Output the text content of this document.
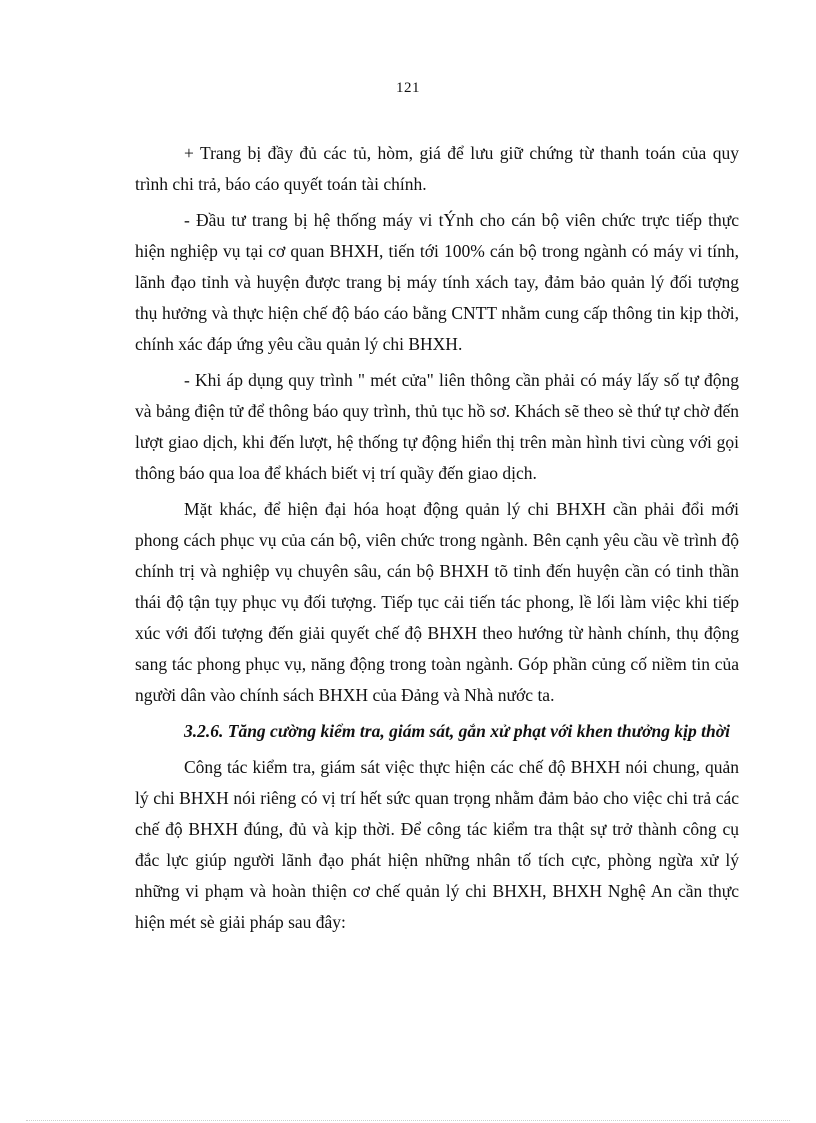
121

+ Trang bị đầy đủ các tủ, hòm, giá để lưu giữ chứng từ thanh toán của quy trình chi trả, báo cáo quyết toán tài chính.

- Đầu tư trang bị hệ thống máy vi tÝnh cho cán bộ viên chức trực tiếp thực hiện nghiệp vụ tại cơ quan BHXH, tiến tới 100% cán bộ trong ngành có máy vi tính, lãnh đạo tỉnh và huyện được trang bị máy tính xách tay, đảm bảo quản lý đối tượng thụ hưởng và thực hiện chế độ báo cáo bằng CNTT nhằm cung cấp thông tin kịp thời, chính xác đáp ứng yêu cầu quản lý chi BHXH.

- Khi áp dụng quy trình " mét cửa" liên thông cần phải có máy lấy số tự động và bảng điện tử để thông báo quy trình, thủ tục hồ sơ. Khách sẽ theo sè thứ tự chờ đến lượt giao dịch, khi đến lượt, hệ thống tự động hiển thị trên màn hình tivi cùng với gọi thông báo qua loa để khách biết vị trí quầy đến giao dịch.

Mặt khác, để hiện đại hóa hoạt động quản lý chi BHXH cần phải đổi mới phong cách phục vụ của cán bộ, viên chức trong ngành. Bên cạnh yêu cầu về trình độ chính trị và nghiệp vụ chuyên sâu, cán bộ BHXH tõ tỉnh đến huyện cần có tinh thần thái độ tận tụy phục vụ đối tượng. Tiếp tục cải tiến tác phong, lề lối làm việc khi tiếp xúc với đối tượng đến giải quyết chế độ BHXH theo hướng từ hành chính, thụ động sang tác phong phục vụ, năng động trong toàn ngành. Góp phần củng cố niềm tin của người dân vào chính sách BHXH của Đảng và Nhà nước ta.

3.2.6. Tăng cường kiểm tra, giám sát, gắn xử phạt với khen thưởng kịp thời

Công tác kiểm tra, giám sát việc thực hiện các chế độ BHXH nói chung, quản lý chi BHXH nói riêng có vị trí hết sức quan trọng nhằm đảm bảo cho việc chi trả các chế độ BHXH đúng, đủ và kịp thời. Để công tác kiểm tra thật sự trở thành công cụ đắc lực giúp người lãnh đạo phát hiện những nhân tố tích cực, phòng ngừa xử lý những vi phạm và hoàn thiện cơ chế quản lý chi BHXH, BHXH Nghệ An cần thực hiện mét sè giải pháp sau đây:
